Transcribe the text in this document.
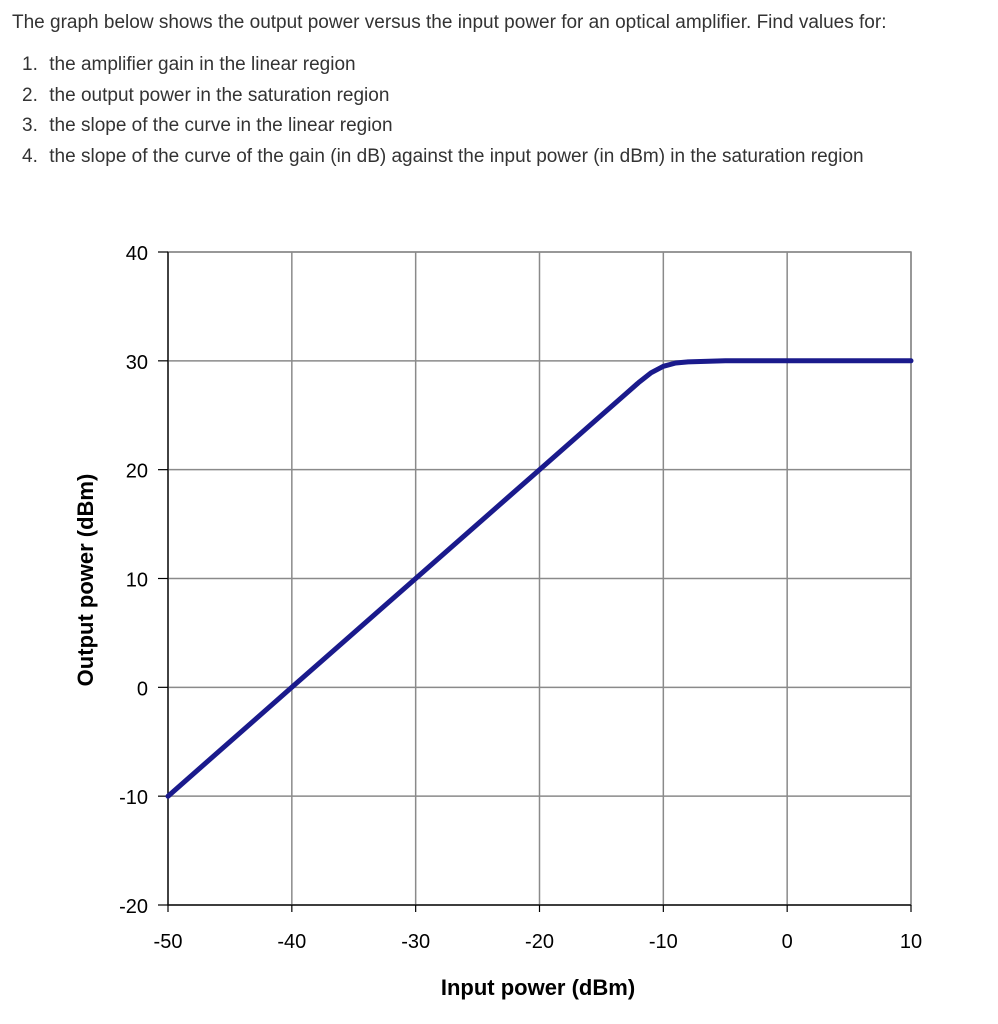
The graph below shows the output power versus the input power for an optical amplifier. Find values for:

1.
the amplifier gain in the linear region
2.
the output power in the saturation region
3.
the slope of the curve in the linear region
4.
the slope of the curve of the gain (in dB) against the input power (in dBm) in the saturation region
-50	-40	-30	-20	-10	0	10
40
30
20
10
0
-10
-20
Input power (dBm)
Output power (dBm)
